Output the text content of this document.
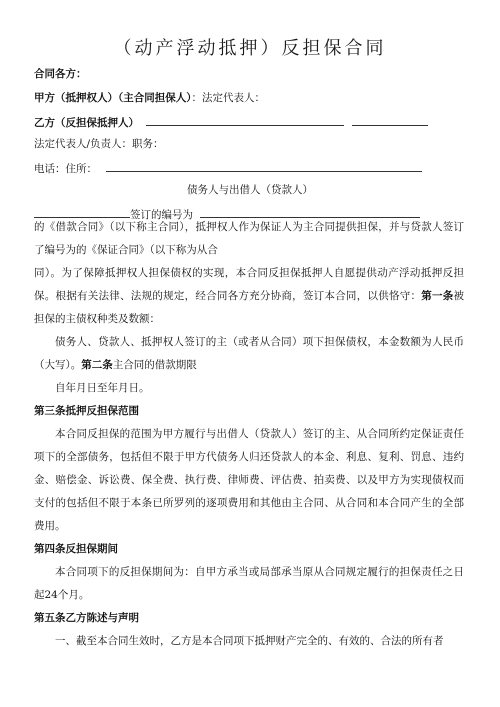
（动产浮动抵押）反担保合同
合同各方：
甲方（抵押权人）（主合同担保人）：法定代表人：
乙方（反担保抵押人）
法定代表人/负责人：职务：
电话：住所：
债务人与出借人（贷款人）
签订的编号为
的《借款合同》（以下称主合同），抵押权人作为保证人为主合同提供担保，并与贷款人签订了编号为的《保证合同》（以下称为从合
同）。为了保障抵押权人担保债权的实现，本合同反担保抵押人自愿提供动产浮动抵押反担保。根据有关法律、法规的规定，经合同各方充分协商，签订本合同，以供恪守：第一条被担保的主债权种类及数额：
债务人、贷款人、抵押权人签订的主（或者从合同）项下担保债权，本金数额为人民币（大写）。第二条主合同的借款期限
自年月日至年月日。
第三条抵押反担保范围
本合同反担保的范围为甲方履行与出借人（贷款人）签订的主、从合同所约定保证责任项下的全部债务，包括但不限于甲方代债务人归还贷款人的本金、利息、复利、罚息、违约金、赔偿金、诉讼费、保全费、执行费、律师费、评估费、拍卖费、以及甲方为实现债权而支付的包括但不限于本条已所罗列的逐项费用和其他由主合同、从合同和本合同产生的全部费用。
第四条反担保期间
本合同项下的反担保期间为：自甲方承当或局部承当原从合同规定履行的担保责任之日起24个月。
第五条乙方陈述与声明
一、截至本合同生效时，乙方是本合同项下抵押财产完全的、有效的、合法的所有者
